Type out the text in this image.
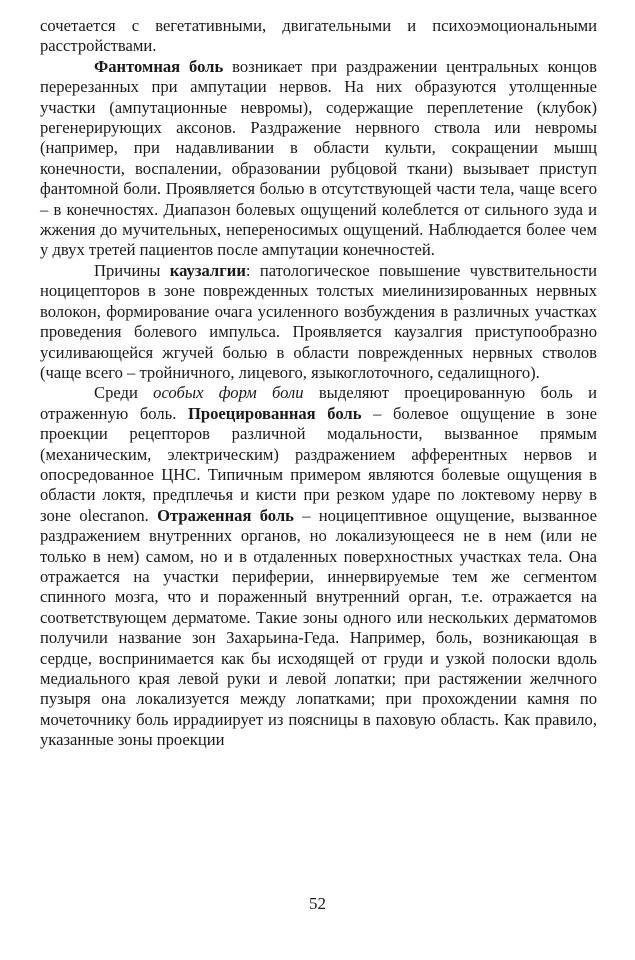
сочетается с вегетативными, двигательными и психоэмоциональными расстройствами.

Фантомная боль возникает при раздражении центральных концов перерезанных при ампутации нервов. На них образуются утолщенные участки (ампутационные невромы), содержащие переплетение (клубок) регенерирующих аксонов. Раздражение нервного ствола или невромы (например, при надавливании в области культи, сокращении мышц конечности, воспалении, образовании рубцовой ткани) вызывает приступ фантомной боли. Проявляется болью в отсутствующей части тела, чаще всего – в конечностях. Диапазон болевых ощущений колеблется от сильного зуда и жжения до мучительных, непереносимых ощущений. Наблюдается более чем у двух третей пациентов после ампутации конечностей.

Причины каузалгии: патологическое повышение чувствительности ноцицепторов в зоне поврежденных толстых миелинизированных нервных волокон, формирование очага усиленного возбуждения в различных участках проведения болевого импульса. Проявляется каузалгия приступообразно усиливающейся жгучей болью в области поврежденных нервных стволов (чаще всего – тройничного, лицевого, языкоглоточного, седалищного).

Среди особых форм боли выделяют проецированную боль и отраженную боль. Проецированная боль – болевое ощущение в зоне проекции рецепторов различной модальности, вызванное прямым (механическим, электрическим) раздражением афферентных нервов и опосредованное ЦНС. Типичным примером являются болевые ощущения в области локтя, предплечья и кисти при резком ударе по локтевому нерву в зоне olecranon. Отраженная боль – ноцицептивное ощущение, вызванное раздражением внутренних органов, но локализующееся не в нем (или не только в нем) самом, но и в отдаленных поверхностных участках тела. Она отражается на участки периферии, иннервируемые тем же сегментом спинного мозга, что и пораженный внутренний орган, т.е. отражается на соответствующем дерматоме. Такие зоны одного или нескольких дерматомов получили название зон Захарьина-Геда. Например, боль, возникающая в сердце, воспринимается как бы исходящей от груди и узкой полоски вдоль медиального края левой руки и левой лопатки; при растяжении желчного пузыря она локализуется между лопатками; при прохождении камня по мочеточнику боль иррадиирует из поясницы в паховую область. Как правило, указанные зоны проекции

52
